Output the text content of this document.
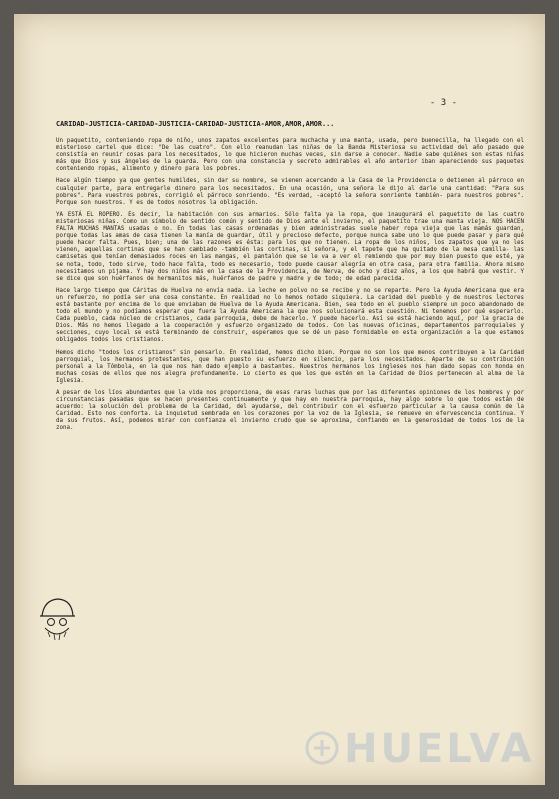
- 3 -
CARIDAD-JUSTICIA-CARIDAD-JUSTICIA-CARIDAD-JUSTICIA-AMOR,AMOR,AMOR...

Un paquetito, conteniendo ropa de niño, unos zapatos excelentes para muchacha y una manta, usada, pero buenecilla, ha llegado con el misterioso cartel que dice: "De las cuatro". Con ello reanudan las niñas de la Banda Misteriosa su actividad del año pasado que consistía en reunir cosas para los necesitados, lo que hicieron muchas veces, sin darse a conocer. Nadie sabe quiénes son estas niñas más que Dios y sus ángeles de la guarda. Pero con una constancia y secreto admirables el año anterior iban apareciendo sus paquetes conteniendo ropas, alimento y dinero para los pobres.

Hace algún tiempo ya que gentes humildes, sin dar su nombre, se vienen acercando a la Casa de la Providencia o detienen al párroco en cualquier parte, para entregarle dinero para los necesitados. En una ocasión, una señora le dijo al darle una cantidad: "Para sus pobres". Para vuestros pobres, corrigió el párroco sonriendo. "Es verdad, -aceptó la señora sonriente también- para nuestros pobres". Porque son nuestros. Y es de todos nosotros la obligación.

YA ESTÁ EL ROPERO. Es decir, la habitación con sus armarios. Sólo falta ya la ropa, que inaugurará el paquetito de las cuatro misteriosas niñas. Como un símbolo de sentido común y sentido de Dios ante el invierno, el paquetito trae una manta vieja. NOS HACEN FALTA MUCHAS MANTAS usadas o no. En todas las casas ordenadas y bien administradas suele haber ropa vieja que las mamás guardan, porque todas las amas de casa tienen la manía de guardar, útil y precioso defecto, porque nunca sabe uno lo que puede pasar y para qué puede hacer falta. Pues, bien; una de las razones es ésta: para los que no tienen. La ropa de los niños, los zapatos que ya no les vienen, aquellas cortinas que se han cambiado -también las cortinas, sí señora, y el tapete que ha quitado de la mesa camilla- las camisetas que tenían demasiados roces en las mangas, el pantalón que se le va a ver el remiendo que por muy bien puesto que esté, ya se nota, todo, todo sirve, todo hace falta, todo es necesario, todo puede causar alegría en otra casa, para otra familia. Ahora mismo necesitamos un pijama. Y hay dos niños más en la casa de la Providencia, de Nerva, de ocho y diez años, a los que habrá que vestir. Y se dice que son huérfanos de hermanitos más, huérfanos de padre y madre y de todo; de edad parecida.

Hace largo tiempo que Cáritas de Huelva no envía nada. La leche en polvo no se recibe y no se reparte. Pero la Ayuda Americana que era un refuerzo, no podía ser una cosa constante. En realidad no lo hemos notado siquiera. La caridad del pueblo y de nuestros lectores está bastante por encima de lo que enviaban de Huelva de la Ayuda Americana. Bien, sea todo en el pueblo siempre un poco abandonado de todo el mundo y no podíamos esperar que fuera la Ayuda Americana la que nos solucionará esta cuestión. Ni tenemos por qué esperarlo. Cada pueblo, cada núcleo de cristianos, cada parroquia, debe de hacerlo. Y puede hacerlo. Así se está haciendo aquí, por la gracia de Dios. Más no hemos llegado a la cooperación y esfuerzo organizado de todos. Con las nuevas oficinas, departamentos parroquiales y secciones, cuyo local se está terminando de construir, esperamos que se dé un paso formidable en esta organización a la que estamos obligados todos los cristianos.

Hemos dicho "todos los cristianos" sin pensarlo. En realidad, hemos dicho bien. Porque no son los que menos contribuyen a la Caridad parroquial, los hermanos protestantes, que han puesto su esfuerzo en silencio, para los necesitados. Aparte de su contribución personal a la Tómbola, en la que nos han dado ejemplo a bastantes. Nuestros hermanos los ingleses nos han dado sopas con honda en muchas cosas de ellos que nos alegra profundamente. Lo cierto es que los que estén en la Caridad de Dios pertenecen al alma de la Iglesia.

A pesar de los líos abundantes que la vida nos proporciona, de esas raras luchas que por las diferentes opiniones de los hombres y por circunstancias pasadas que se hacen presentes continuamente y que hay en nuestra parroquia, hay algo sobre lo que todos están de acuerdo: la solución del problema de la Caridad, del ayudarse, del contribuir con el esfuerzo particular a la causa común de la Caridad. Esto nos conforta. La inquietud sembrada en los corazones por la voz de la Iglesia, se remueve en efervescencia continua. Y da sus frutos. Así, podemos mirar con confianza el invierno crudo que se aproxima, confiando en la generosidad de todos los de la zona.

HUELVA
